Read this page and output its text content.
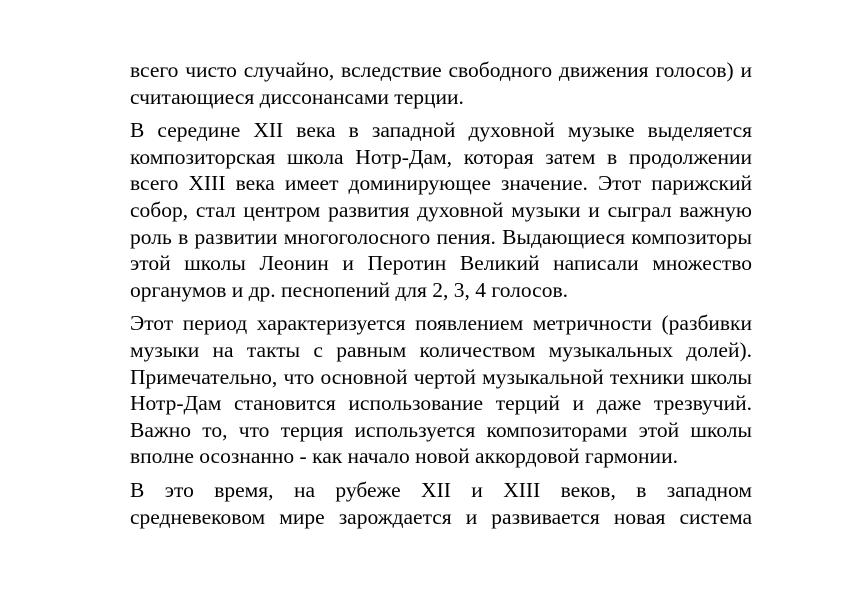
всего чисто случайно, вследствие свободного движения голосов) и
считающиеся диссонансами терции.

В середине XII века в западной духовной музыке выделяется
композиторская школа Нотр-Дам, которая затем в продолжении
всего XIII века имеет доминирующее значение. Этот парижский
собор, стал центром развития духовной музыки и сыграл важную
роль в развитии многоголосного пения. Выдающиеся композиторы
этой школы Леонин и Перотин Великий написали множество
органумов и др. песнопений для 2, 3, 4 голосов.

Этот период характеризуется появлением метричности (разбивки
музыки на такты с равным количеством музыкальных долей).
Примечательно, что основной чертой музыкальной техники школы
Нотр-Дам становится использование терций и даже трезвучий.
Важно то, что терция используется композиторами этой школы
вполне осознанно - как начало новой аккордовой гармонии.

В это время, на рубеже XII и XIII веков, в западном
средневековом мире зарождается и развивается новая система
